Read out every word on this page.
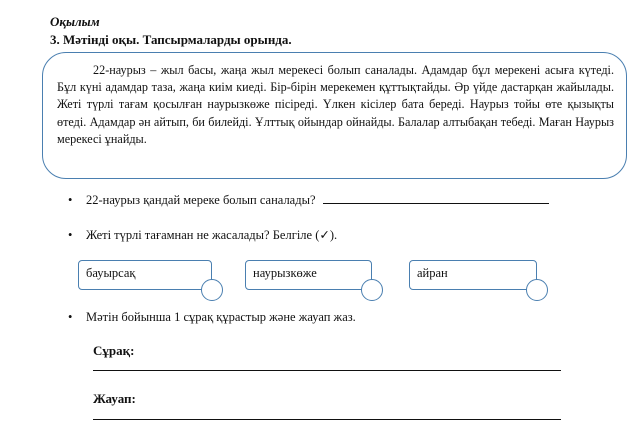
Оқылым
3. Мәтінді оқы. Тапсырмаларды орында.

22-наурыз – жыл басы, жаңа жыл мерекесі болып саналады. Адамдар бұл мерекені асыға күтеді. Бұл күні адамдар таза, жаңа киім киеді. Бір-бірін мерекемен құттықтайды. Әр үйде дастарқан жайылады. Жеті түрлі тағам қосылған наурызкөже пісіреді. Үлкен кісілер бата береді. Наурыз тойы өте қызықты өтеді. Адамдар ән айтып, би билейді. Ұлттық ойындар ойнайды. Балалар алтыбақан тебеді. Маған Наурыз мерекесі ұнайды.

• 22-наурыз қандай мереке болып саналады?
• Жеті түрлі тағамнан не жасалады? Белгіле (✓).
бауырсақ	наурызкөже	айран
• Мәтін бойынша 1 сұрақ құрастыр және жауап жаз.
Сұрақ:
Жауап:
